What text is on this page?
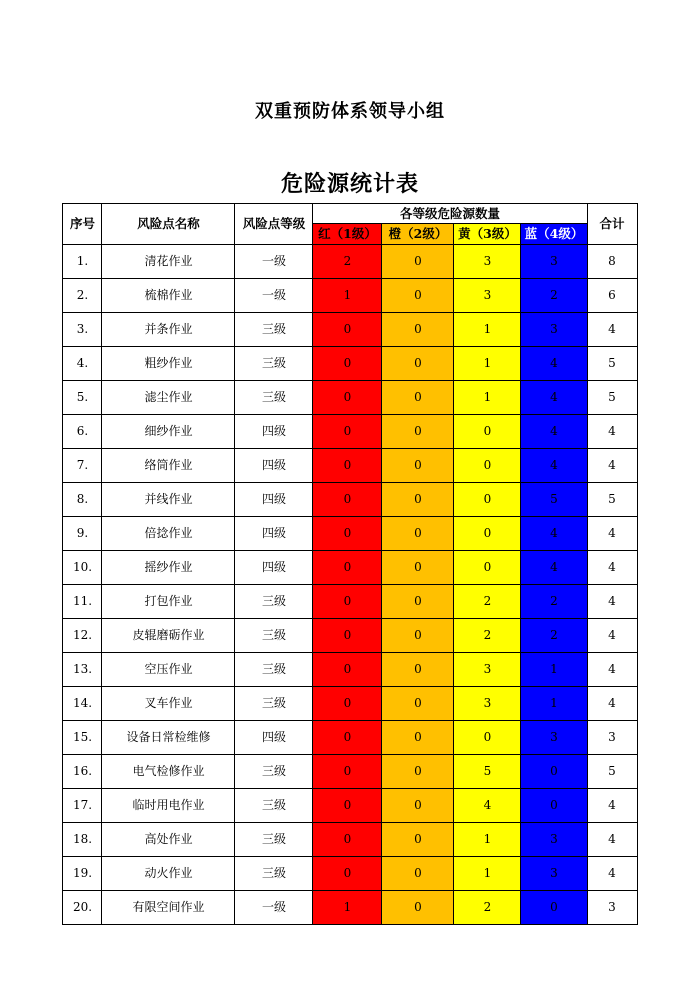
双重预防体系领导小组
危险源统计表
序号	风险点名称	风险点等级	各等级危险源数量				合计
			红（1级）	橙（2级）	黄（3级）	蓝（4级）	
1.	清花作业	一级	2	0	3	3	8
2.	梳棉作业	一级	1	0	3	2	6
3.	并条作业	三级	0	0	1	3	4
4.	粗纱作业	三级	0	0	1	4	5
5.	滤尘作业	三级	0	0	1	4	5
6.	细纱作业	四级	0	0	0	4	4
7.	络筒作业	四级	0	0	0	4	4
8.	并线作业	四级	0	0	0	5	5
9.	倍捻作业	四级	0	0	0	4	4
10.	摇纱作业	四级	0	0	0	4	4
11.	打包作业	三级	0	0	2	2	4
12.	皮辊磨砺作业	三级	0	0	2	2	4
13.	空压作业	三级	0	0	3	1	4
14.	叉车作业	三级	0	0	3	1	4
15.	设备日常检维修	四级	0	0	0	3	3
16.	电气检修作业	三级	0	0	5	0	5
17.	临时用电作业	三级	0	0	4	0	4
18.	高处作业	三级	0	0	1	3	4
19.	动火作业	三级	0	0	1	3	4
20.	有限空间作业	一级	1	0	2	0	3
